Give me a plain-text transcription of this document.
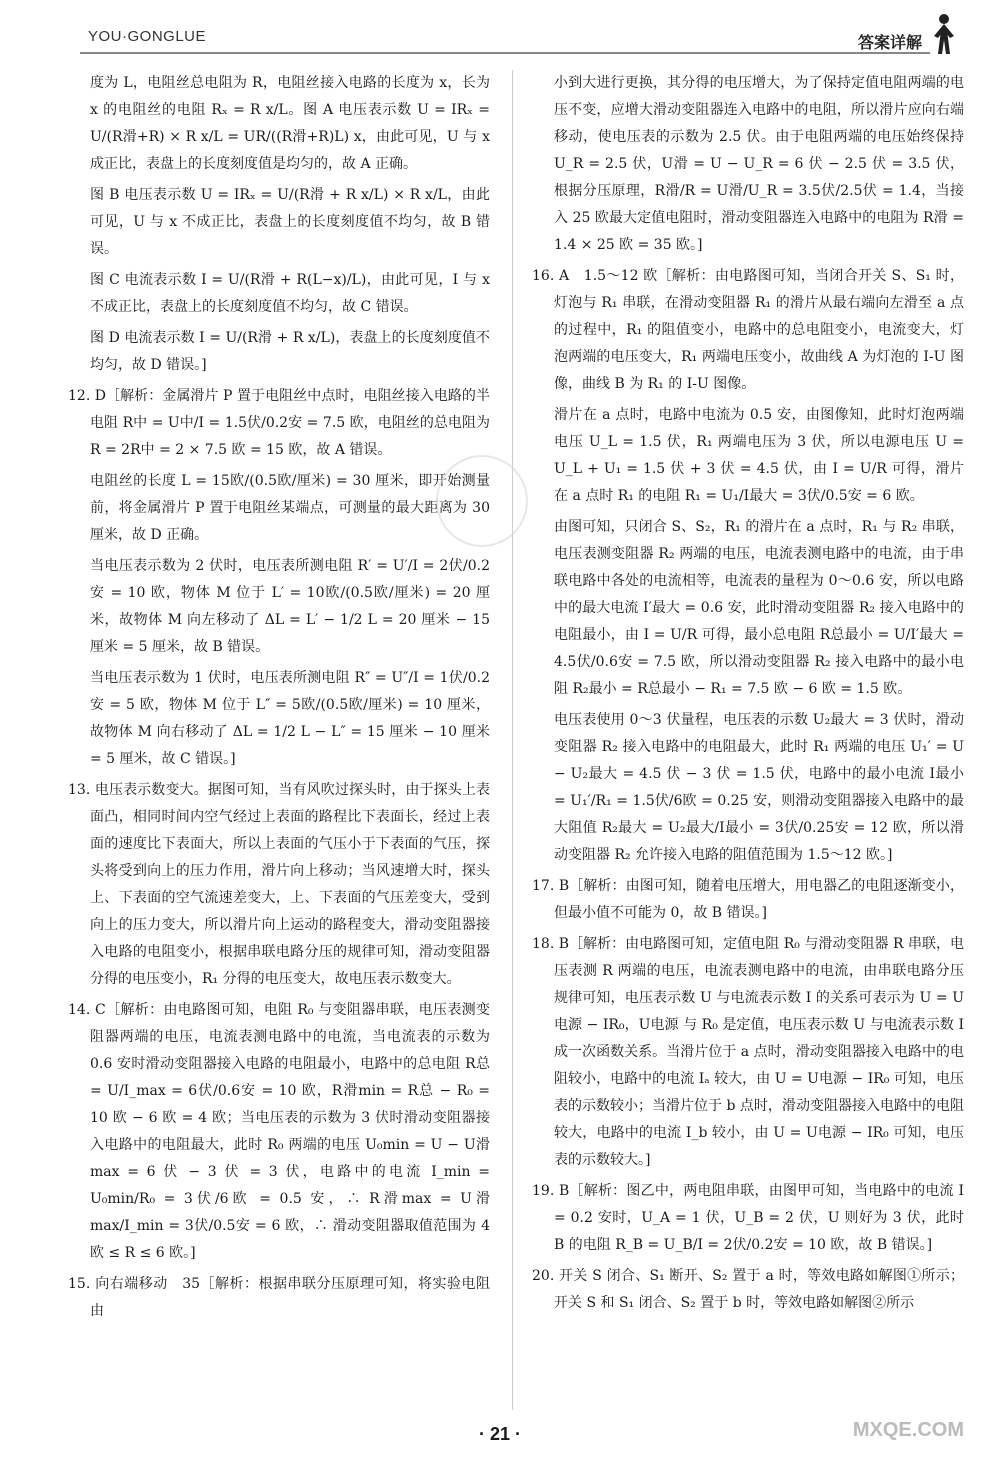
YOU·GONGLUE	答案详解

度为 L，电阻丝总电阻为 R，电阻丝接入电路的长度为 x，长为 x 的电阻丝的电阻 Rₓ = R x/L。图 A 电压表示数 U = IRₓ = U/(R滑+R) × R x/L = UR/((R滑+R)L) x，由此可见，U 与 x 成正比，表盘上的长度刻度值是均匀的，故 A 正确。

图 B 电压表示数 U = IRₓ = U/(R滑 + R x/L) × R x/L，由此可见，U 与 x 不成正比，表盘上的长度刻度值不均匀，故 B 错误。

图 C 电流表示数 I = U/(R滑 + R(L−x)/L)，由此可见，I 与 x 不成正比，表盘上的长度刻度值不均匀，故 C 错误。

图 D 电流表示数 I = U/(R滑 + R x/L)，表盘上的长度刻度值不均匀，故 D 错误。]

12. D［解析：金属滑片 P 置于电阻丝中点时，电阻丝接入电路的半电阻 R中 = U中/I = 1.5伏/0.2安 = 7.5 欧，电阻丝的总电阻为 R = 2R中 = 2 × 7.5 欧 = 15 欧，故 A 错误。

电阻丝的长度 L = 15欧/(0.5欧/厘米) = 30 厘米，即开始测量前，将金属滑片 P 置于电阻丝某端点，可测量的最大距离为 30 厘米，故 D 正确。

当电压表示数为 2 伏时，电压表所测电阻 R′ = U′/I = 2伏/0.2安 = 10 欧，物体 M 位于 L′ = 10欧/(0.5欧/厘米) = 20 厘米，故物体 M 向左移动了 ΔL = L′ − 1/2 L = 20 厘米 − 15 厘米 = 5 厘米，故 B 错误。

当电压表示数为 1 伏时，电压表所测电阻 R″ = U″/I = 1伏/0.2安 = 5 欧，物体 M 位于 L″ = 5欧/(0.5欧/厘米) = 10 厘米，故物体 M 向右移动了 ΔL = 1/2 L − L″ = 15 厘米 − 10 厘米 = 5 厘米，故 C 错误。]

13. 电压表示数变大。据图可知，当有风吹过探头时，由于探头上表面凸，相同时间内空气经过上表面的路程比下表面长，经过上表面的速度比下表面大，所以上表面的气压小于下表面的气压，探头将受到向上的压力作用，滑片向上移动；当风速增大时，探头上、下表面的空气流速差变大，上、下表面的气压差变大，受到向上的压力变大，所以滑片向上运动的路程变大，滑动变阻器接入电路的电阻变小，根据串联电路分压的规律可知，滑动变阻器分得的电压变小，R₁ 分得的电压变大，故电压表示数变大。

14. C［解析：由电路图可知，电阻 R₀ 与变阻器串联，电压表测变阻器两端的电压，电流表测电路中的电流，当电流表的示数为 0.6 安时滑动变阻器接入电路的电阻最小，电路中的总电阻 R总 = U/I_max = 6伏/0.6安 = 10 欧，R滑min = R总 − R₀ = 10 欧 − 6 欧 = 4 欧；当电压表的示数为 3 伏时滑动变阻器接入电路中的电阻最大，此时 R₀ 两端的电压 U₀min = U − U滑max = 6 伏 − 3 伏 = 3 伏，电路中的电流 I_min = U₀min/R₀ = 3伏/6欧 = 0.5 安，∴ R滑max = U滑max/I_min = 3伏/0.5安 = 6 欧，∴ 滑动变阻器取值范围为 4 欧 ≤ R ≤ 6 欧。]

15. 向右端移动　35［解析：根据串联分压原理可知，将实验电阻由

小到大进行更换，其分得的电压增大，为了保持定值电阻两端的电压不变，应增大滑动变阻器连入电路中的电阻，所以滑片应向右端移动，使电压表的示数为 2.5 伏。由于电阻两端的电压始终保持 U_R = 2.5 伏，U滑 = U − U_R = 6 伏 − 2.5 伏 = 3.5 伏，根据分压原理，R滑/R = U滑/U_R = 3.5伏/2.5伏 = 1.4，当接入 25 欧最大定值电阻时，滑动变阻器连入电路中的电阻为 R滑 = 1.4 × 25 欧 = 35 欧。]

16. A　1.5～12 欧［解析：由电路图可知，当闭合开关 S、S₁ 时，灯泡与 R₁ 串联，在滑动变阻器 R₁ 的滑片从最右端向左滑至 a 点的过程中，R₁ 的阻值变小，电路中的总电阻变小，电流变大，灯泡两端的电压变大，R₁ 两端电压变小，故曲线 A 为灯泡的 I-U 图像，曲线 B 为 R₁ 的 I-U 图像。

滑片在 a 点时，电路中电流为 0.5 安，由图像知，此时灯泡两端电压 U_L = 1.5 伏，R₁ 两端电压为 3 伏，所以电源电压 U = U_L + U₁ = 1.5 伏 + 3 伏 = 4.5 伏，由 I = U/R 可得，滑片在 a 点时 R₁ 的电阻 R₁ = U₁/I最大 = 3伏/0.5安 = 6 欧。

由图可知，只闭合 S、S₂，R₁ 的滑片在 a 点时，R₁ 与 R₂ 串联，电压表测变阻器 R₂ 两端的电压，电流表测电路中的电流，由于串联电路中各处的电流相等，电流表的量程为 0～0.6 安，所以电路中的最大电流 I′最大 = 0.6 安，此时滑动变阻器 R₂ 接入电路中的电阻最小，由 I = U/R 可得，最小总电阻 R总最小 = U/I′最大 = 4.5伏/0.6安 = 7.5 欧，所以滑动变阻器 R₂ 接入电路中的最小电阻 R₂最小 = R总最小 − R₁ = 7.5 欧 − 6 欧 = 1.5 欧。

电压表使用 0～3 伏量程，电压表的示数 U₂最大 = 3 伏时，滑动变阻器 R₂ 接入电路中的电阻最大，此时 R₁ 两端的电压 U₁′ = U − U₂最大 = 4.5 伏 − 3 伏 = 1.5 伏，电路中的最小电流 I最小 = U₁′/R₁ = 1.5伏/6欧 = 0.25 安，则滑动变阻器接入电路中的最大阻值 R₂最大 = U₂最大/I最小 = 3伏/0.25安 = 12 欧，所以滑动变阻器 R₂ 允许接入电路的阻值范围为 1.5～12 欧。]

17. B［解析：由图可知，随着电压增大，用电器乙的电阻逐渐变小，但最小值不可能为 0，故 B 错误。]

18. B［解析：由电路图可知，定值电阻 R₀ 与滑动变阻器 R 串联，电压表测 R 两端的电压，电流表测电路中的电流，由串联电路分压规律可知，电压表示数 U 与电流表示数 I 的关系可表示为 U = U电源 − IR₀，U电源 与 R₀ 是定值，电压表示数 U 与电流表示数 I 成一次函数关系。当滑片位于 a 点时，滑动变阻器接入电路中的电阻较小，电路中的电流 Iₐ 较大，由 U = U电源 − IR₀ 可知，电压表的示数较小；当滑片位于 b 点时，滑动变阻器接入电路中的电阻较大，电路中的电流 I_b 较小，由 U = U电源 − IR₀ 可知，电压表的示数较大。]

19. B［解析：图乙中，两电阻串联，由图甲可知，当电路中的电流 I = 0.2 安时，U_A = 1 伏，U_B = 2 伏，U 则好为 3 伏，此时 B 的电阻 R_B = U_B/I = 2伏/0.2安 = 10 欧，故 B 错误。]

20. 开关 S 闭合、S₁ 断开、S₂ 置于 a 时，等效电路如解图①所示；开关 S 和 S₁ 闭合、S₂ 置于 b 时，等效电路如解图②所示

· 21 ·	MXQE.COM
